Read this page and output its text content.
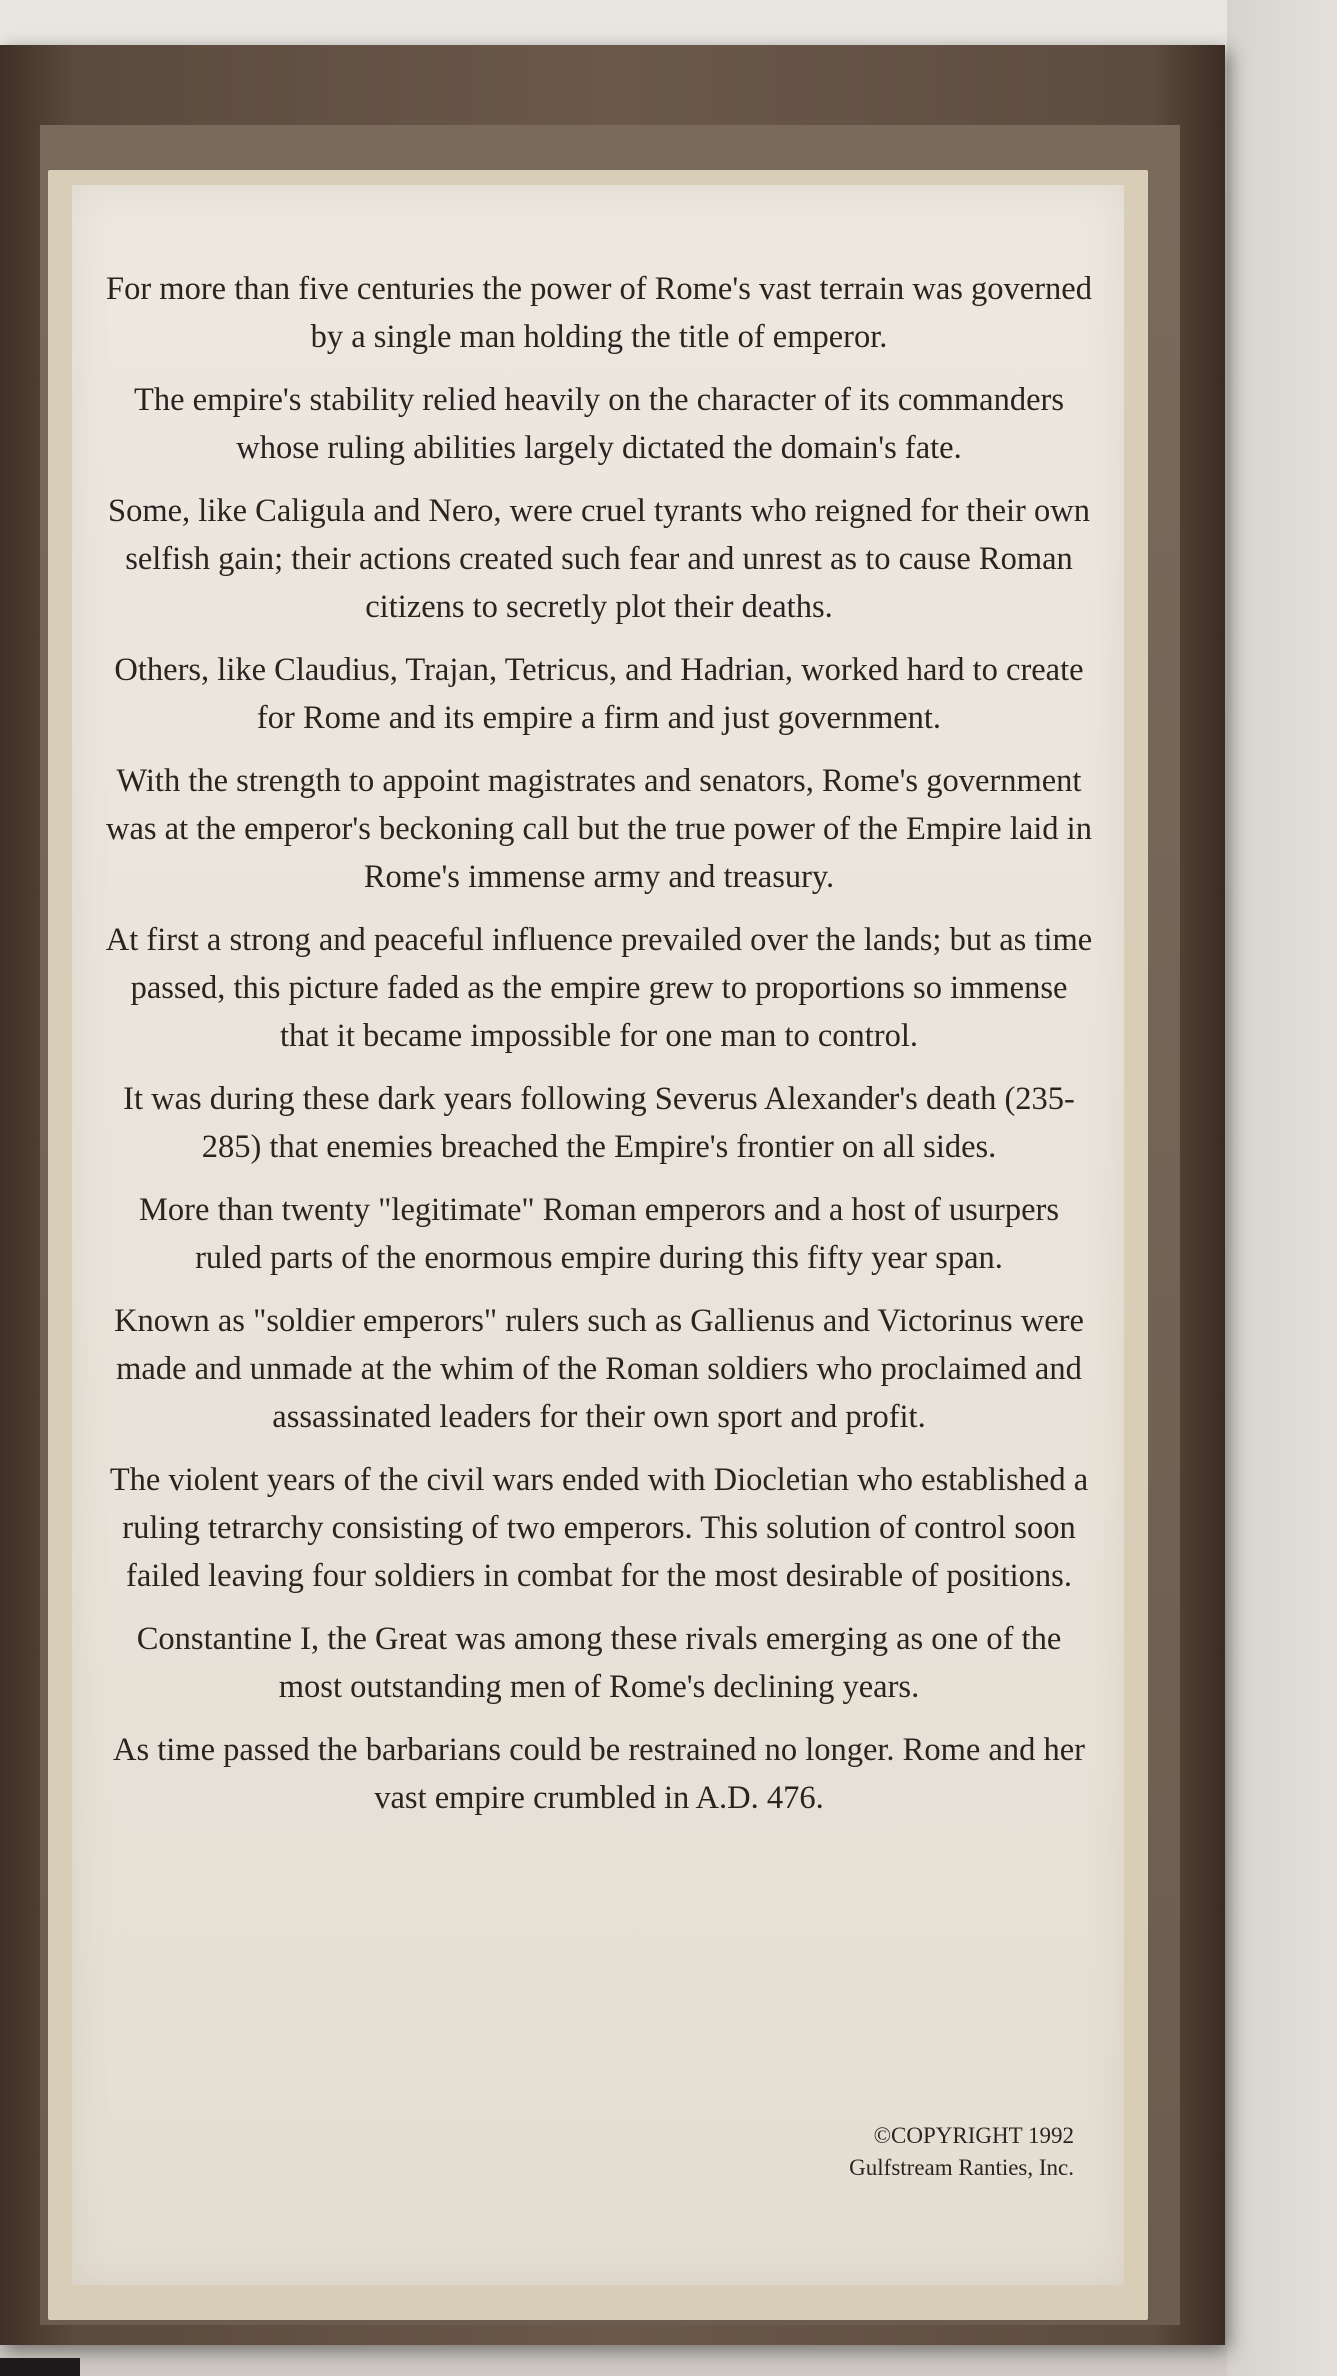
For more than five centuries the power of Rome's vast terrain was governed by a single man holding the title of emperor.

The empire's stability relied heavily on the character of its commanders whose ruling abilities largely dictated the domain's fate.

Some, like Caligula and Nero, were cruel tyrants who reigned for their own selfish gain; their actions created such fear and unrest as to cause Roman citizens to secretly plot their deaths.

Others, like Claudius, Trajan, Tetricus, and Hadrian, worked hard to create for Rome and its empire a firm and just government.

With the strength to appoint magistrates and senators, Rome's government was at the emperor's beckoning call but the true power of the Empire laid in Rome's immense army and treasury.

At first a strong and peaceful influence prevailed over the lands; but as time passed, this picture faded as the empire grew to proportions so immense that it became impossible for one man to control.

It was during these dark years following Severus Alexander's death (235-285) that enemies breached the Empire's frontier on all sides.

More than twenty "legitimate" Roman emperors and a host of usurpers ruled parts of the enormous empire during this fifty year span.

Known as "soldier emperors" rulers such as Gallienus and Victorinus were made and unmade at the whim of the Roman soldiers who proclaimed and assassinated leaders for their own sport and profit.

The violent years of the civil wars ended with Diocletian who established a ruling tetrarchy consisting of two emperors. This solution of control soon failed leaving four soldiers in combat for the most desirable of positions.

Constantine I, the Great was among these rivals emerging as one of the most outstanding men of Rome's declining years.

As time passed the barbarians could be restrained no longer. Rome and her vast empire crumbled in A.D. 476.

©COPYRIGHT 1992
Gulfstream Ranties, Inc.
